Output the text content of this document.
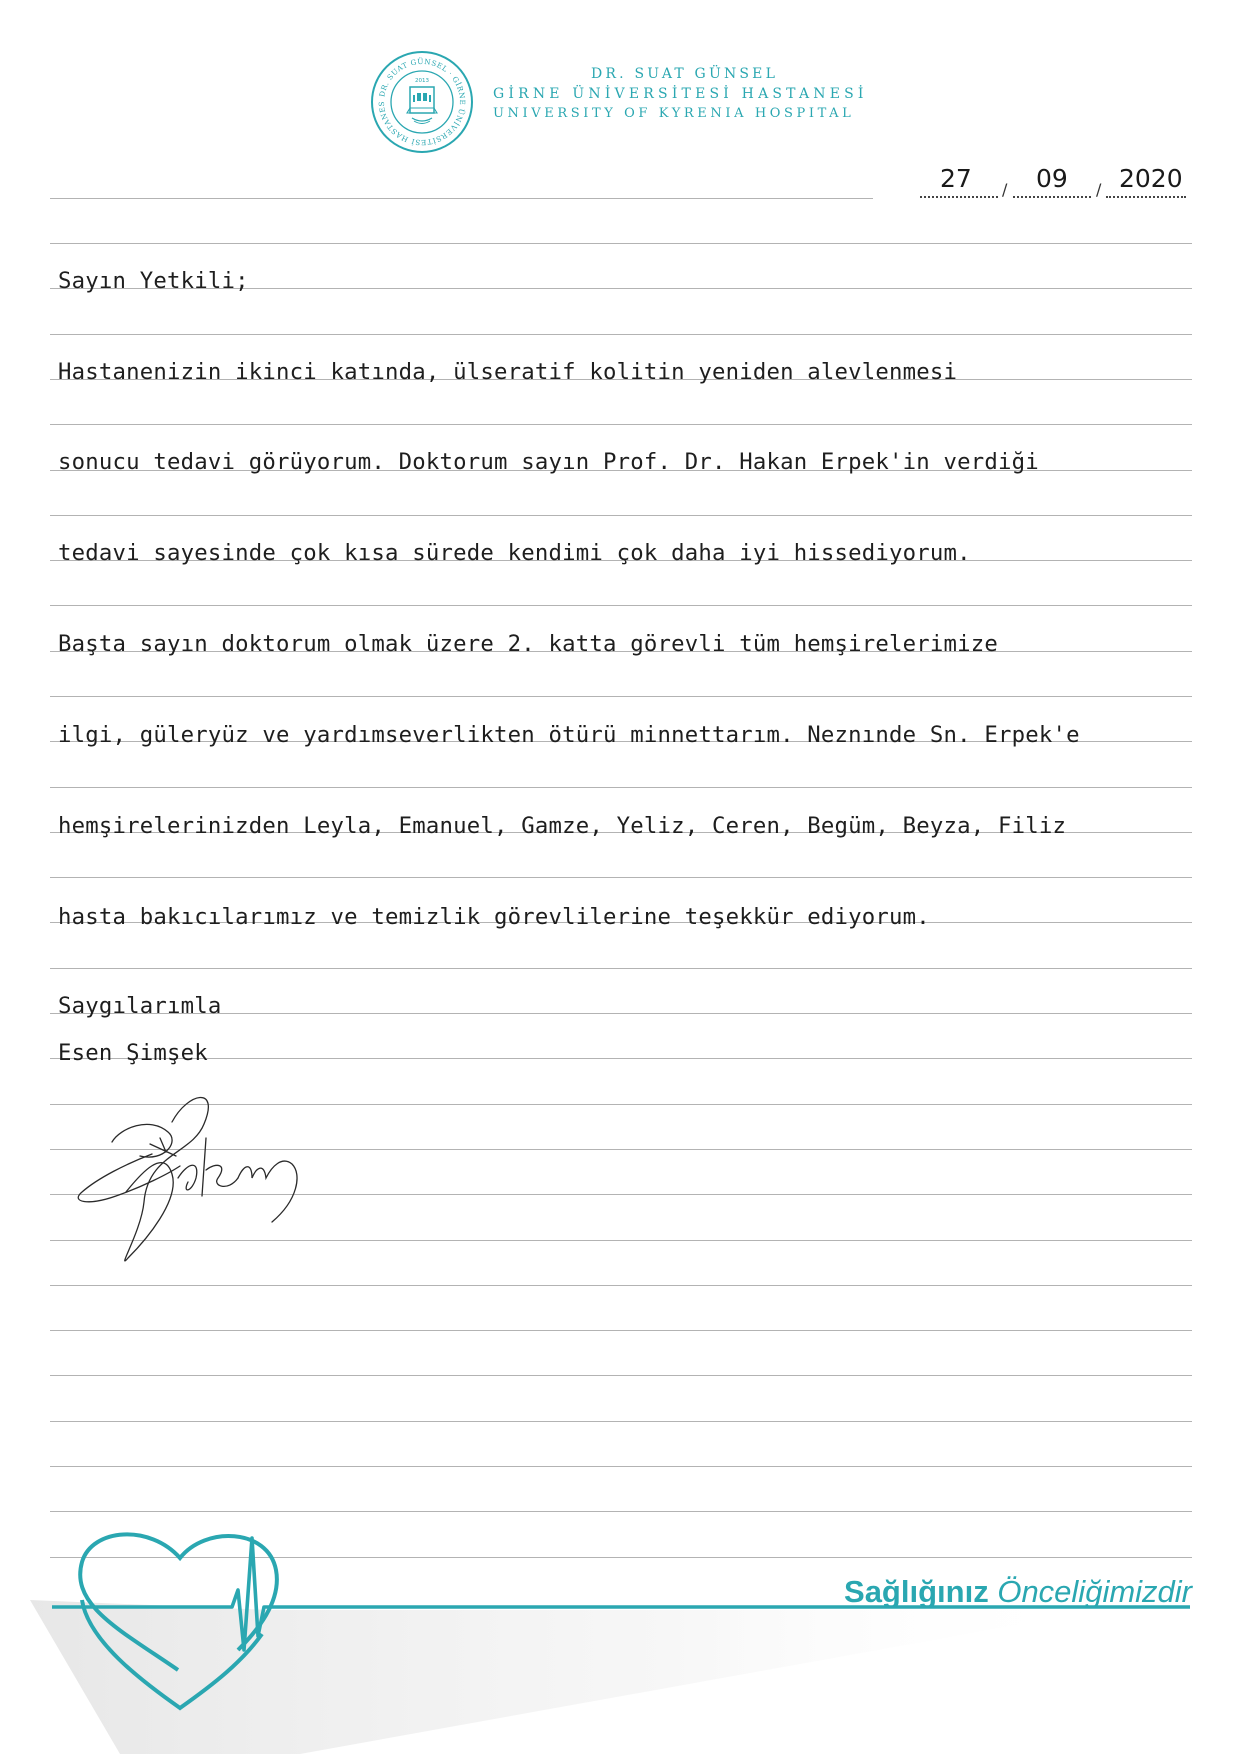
DR. SUAT GÜNSEL · GİRNE ÜNİVERSİTESİ HASTANES
2013	DR. SUAT GÜNSEL
GİRNE ÜNİVERSİTESİ HASTANESİ
UNIVERSITY OF KYRENIA HOSPITAL
27 / 09 / 2020
Sayın Yetkili;
Hastanenizin ikinci katında, ülseratif kolitin yeniden alevlenmesi
sonucu tedavi görüyorum. Doktorum sayın Prof. Dr. Hakan Erpek'in verdiği
tedavi sayesinde çok kısa sürede kendimi çok daha iyi hissediyorum.
Başta sayın doktorum olmak üzere 2. katta görevli tüm hemşirelerimize
ilgi, güleryüz ve yardımseverlikten ötürü minnettarım. Neznınde Sn. Erpek'e
hemşirelerinizden Leyla, Emanuel, Gamze, Yeliz, Ceren, Begüm, Beyza, Filiz
hasta bakıcılarımız ve temizlik görevlilerine teşekkür ediyorum.
Saygılarımla
Esen Şimşek
Sağlığınız Önceliğimizdir
